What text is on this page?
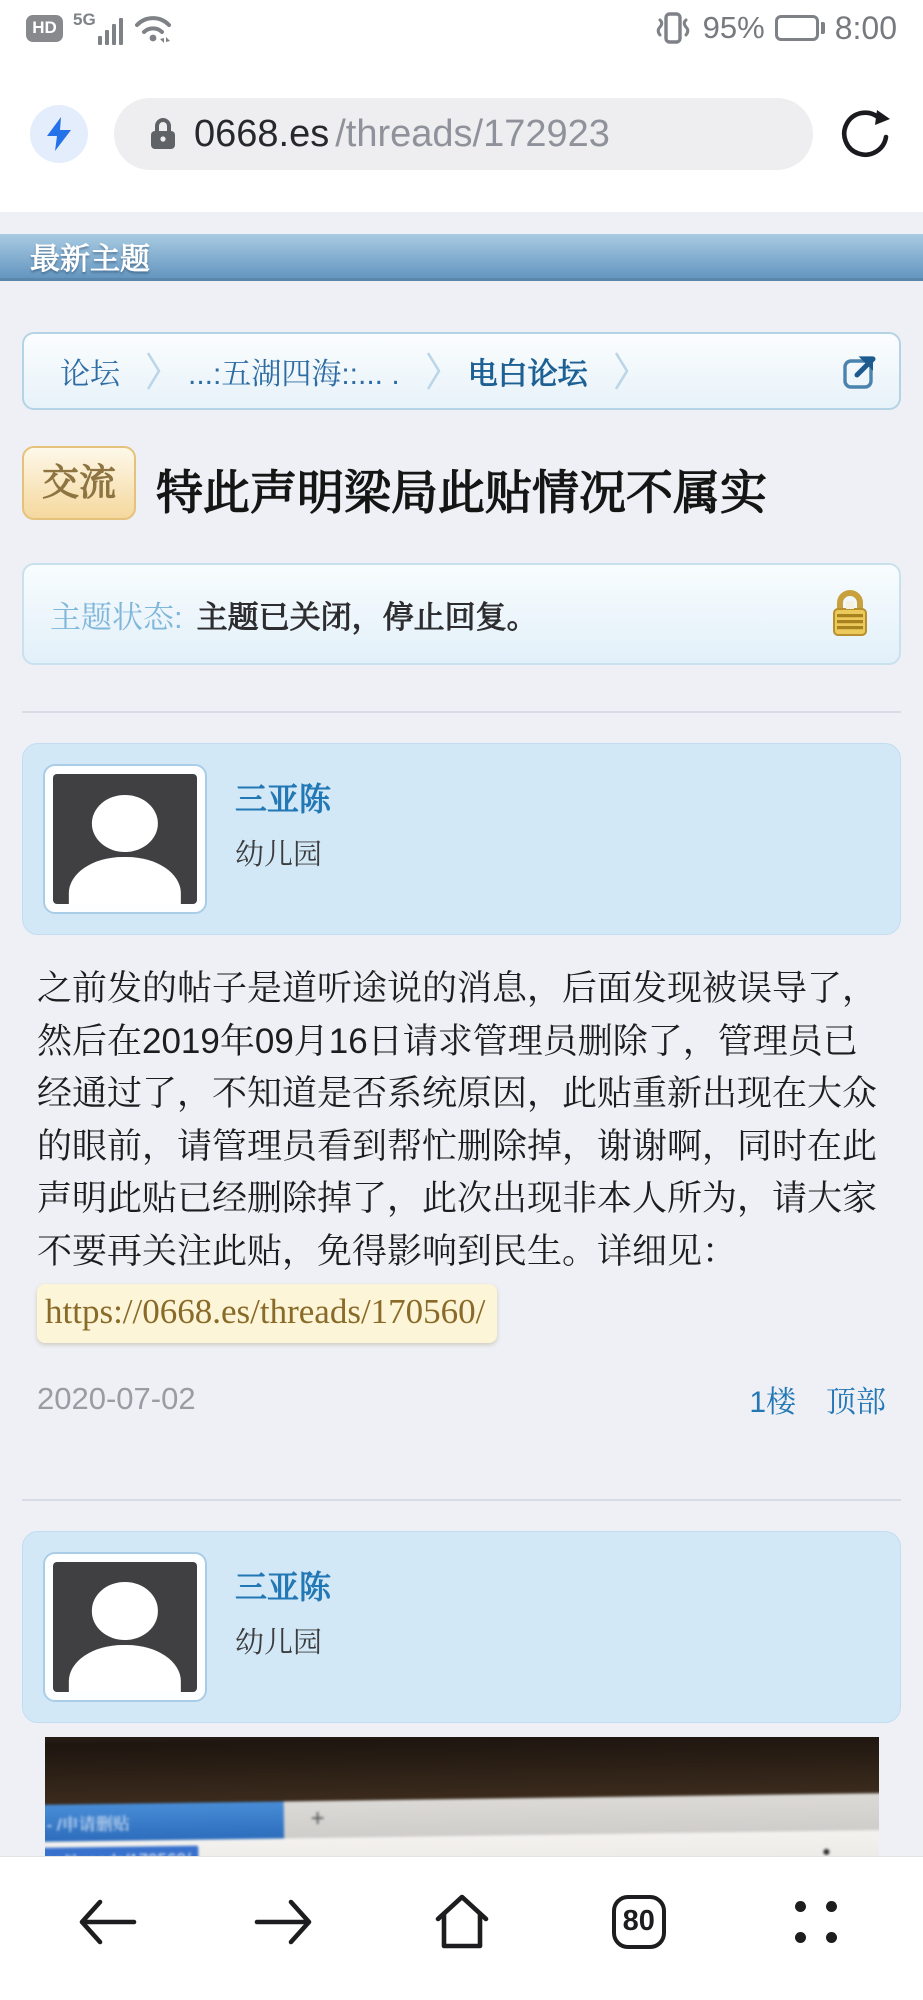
HD 5G	95% 8:00
0668.es /threads/172923
最新主题
论坛 ...:五湖四海::... . 电白论坛
交流 特此声明梁局此贴情况不属实
主题状态: 主题已关闭，停止回复。
三亚陈
幼儿园

之前发的帖子是道听途说的消息，后面发现被误导了，然后在2019年09月16日请求管理员删除了，管理员已经通过了，不知道是否系统原因，此贴重新出现在大众的眼前，请管理员看到帮忙删除掉，谢谢啊，同时在此声明此贴已经删除掉了，此次出现非本人所为，请大家不要再关注此贴，免得影响到民生。详细见：
https://0668.es/threads/170560/

2020-07-02	1楼 顶部
三亚陈
幼儿园
- /申请删贴	+
80
